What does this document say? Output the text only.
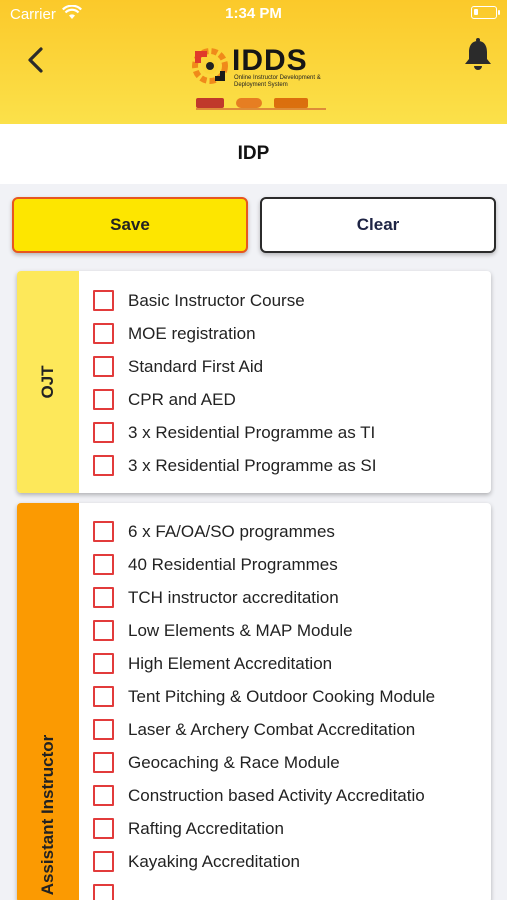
Carrier	1:34 PM
IDDS
Online Instructor Development & Deployment System
IDP
Save	Clear
OJT
Basic Instructor Course
MOE registration
Standard First Aid
CPR and AED
3 x Residential Programme as TI
3 x Residential Programme as SI
Assistant Instructor
6 x FA/OA/SO programmes
40 Residential Programmes
TCH instructor accreditation
Low Elements & MAP Module
High Element Accreditation
Tent Pitching & Outdoor Cooking Module
Laser & Archery Combat Accreditation
Geocaching & Race Module
Construction based Activity Accreditatio
Rafting Accreditation
Kayaking Accreditation
